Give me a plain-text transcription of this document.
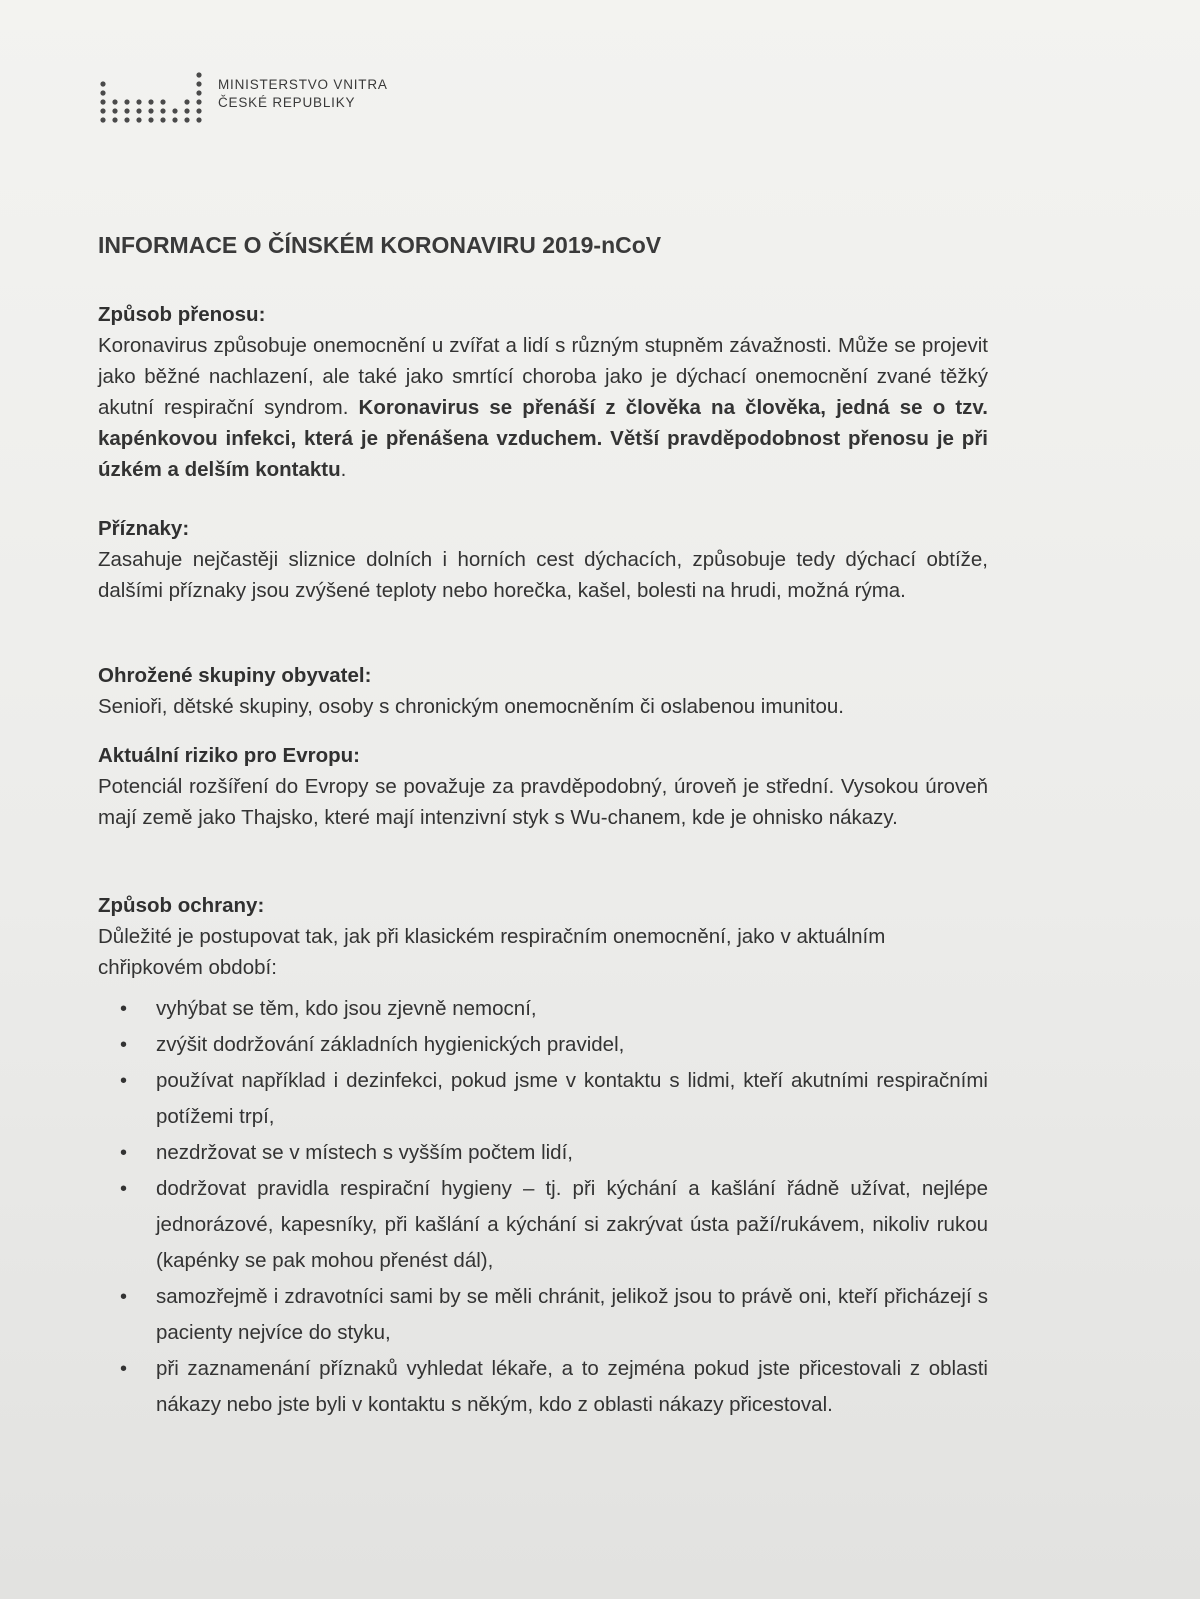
MINISTERSTVO VNITRA
ČESKÉ REPUBLIKY
INFORMACE O ČÍNSKÉM KORONAVIRU 2019-nCoV
Způsob přenosu:

Koronavirus způsobuje onemocnění u zvířat a lidí s různým stupněm závažnosti. Může se projevit jako běžné nachlazení, ale také jako smrtící choroba jako je dýchací onemocnění zvané těžký akutní respirační syndrom. Koronavirus se přenáší z člověka na člověka, jedná se o tzv. kapénkovou infekci, která je přenášena vzduchem. Větší pravděpodobnost přenosu je při úzkém a delším kontaktu.

Příznaky:

Zasahuje nejčastěji sliznice dolních i horních cest dýchacích, způsobuje tedy dýchací obtíže, dalšími příznaky jsou zvýšené teploty nebo horečka, kašel, bolesti na hrudi, možná rýma.

Ohrožené skupiny obyvatel:

Senioři, dětské skupiny, osoby s chronickým onemocněním či oslabenou imunitou.

Aktuální riziko pro Evropu:

Potenciál rozšíření do Evropy se považuje za pravděpodobný, úroveň je střední. Vysokou úroveň mají země jako Thajsko, které mají intenzivní styk s Wu-chanem, kde je ohnisko nákazy.

Způsob ochrany:

Důležité je postupovat tak, jak při klasickém respiračním onemocnění, jako v aktuálním chřipkovém období:

• vyhýbat se těm, kdo jsou zjevně nemocní,
• zvýšit dodržování základních hygienických pravidel,
• používat například i dezinfekci, pokud jsme v kontaktu s lidmi, kteří akutními respiračními potížemi trpí,
• nezdržovat se v místech s vyšším počtem lidí,
• dodržovat pravidla respirační hygieny – tj. při kýchání a kašlání řádně užívat, nejlépe jednorázové, kapesníky, při kašlání a kýchání si zakrývat ústa paží/rukávem, nikoliv rukou (kapénky se pak mohou přenést dál),
• samozřejmě i zdravotníci sami by se měli chránit, jelikož jsou to právě oni, kteří přicházejí s pacienty nejvíce do styku,
• při zaznamenání příznaků vyhledat lékaře, a to zejména pokud jste přicestovali z oblasti nákazy nebo jste byli v kontaktu s někým, kdo z oblasti nákazy přicestoval.
